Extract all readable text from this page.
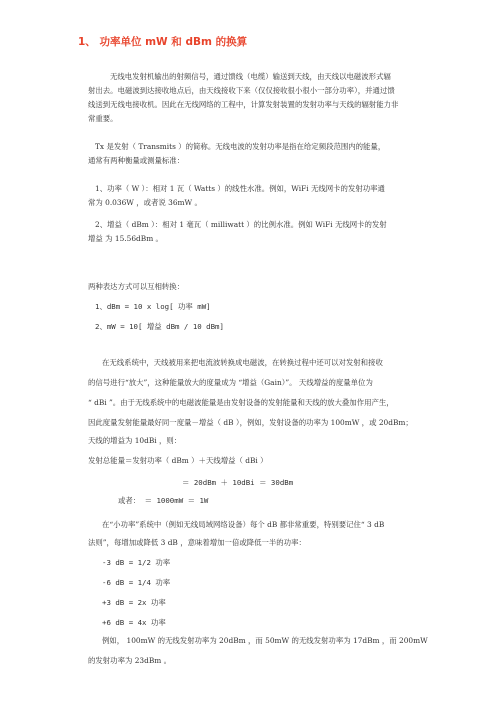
1、 功率单位 mW 和 dBm 的换算
无线电发射机输出的射频信号，通过馈线（电缆）输送到天线，由天线以电磁波形式辐
射出去。电磁波到达接收地点后，由天线接收下来（仅仅接收很小很小一部分功率），并通过馈
线送到无线电接收机。因此在无线网络的工程中，计算发射装置的发射功率与天线的辐射能力非
常重要。
Tx 是发射（ Transmits ）的简称。无线电波的发射功率是指在给定频段范围内的能量，
通常有两种衡量或测量标准：
1、功率（ W ）：相对 1 瓦（ Watts ）的线性水准。例如，WiFi 无线网卡的发射功率通
常为 0.036W ，或者说 36mW 。
2、增益（ dBm ）：相对 1 毫瓦（ milliwatt ）的比例水准。例如 WiFi 无线网卡的发射
增益 为 15.56dBm 。
两种表达方式可以互相转换：
1、dBm = 10 x log[ 功率 mW]
2、mW = 10[ 增益 dBm / 10 dBm]
在无线系统中，天线被用来把电流波转换成电磁波，在转换过程中还可以对发射和接收
的信号进行“放大”，这种能量放大的度量成为 “增益（Gain）”。 天线增益的度量单位为
“ dBi ”。由于无线系统中的电磁波能量是由发射设备的发射能量和天线的放大叠加作用产生，
因此度量发射能量最好同一度量－增益（ dB ），例如，发射设备的功率为 100mW ，或 20dBm；
天线的增益为 10dBi ，则：
发射总能量＝发射功率（ dBm ）＋天线增益（ dBi ）
＝ 20dBm ＋ 10dBi ＝ 30dBm
或者： ＝ 1000mW ＝ 1W
在“小功率”系统中（例如无线局域网络设备）每个 dB 都非常重要，特别要记住“ 3 dB
法则”，每增加或降低 3 dB ，意味着增加一倍或降低一半的功率：
-3 dB = 1/2 功率
-6 dB = 1/4 功率
+3 dB = 2x 功率
+6 dB = 4x 功率
例如， 100mW 的无线发射功率为 20dBm ，而 50mW 的无线发射功率为 17dBm ，而 200mW
的发射功率为 23dBm 。
